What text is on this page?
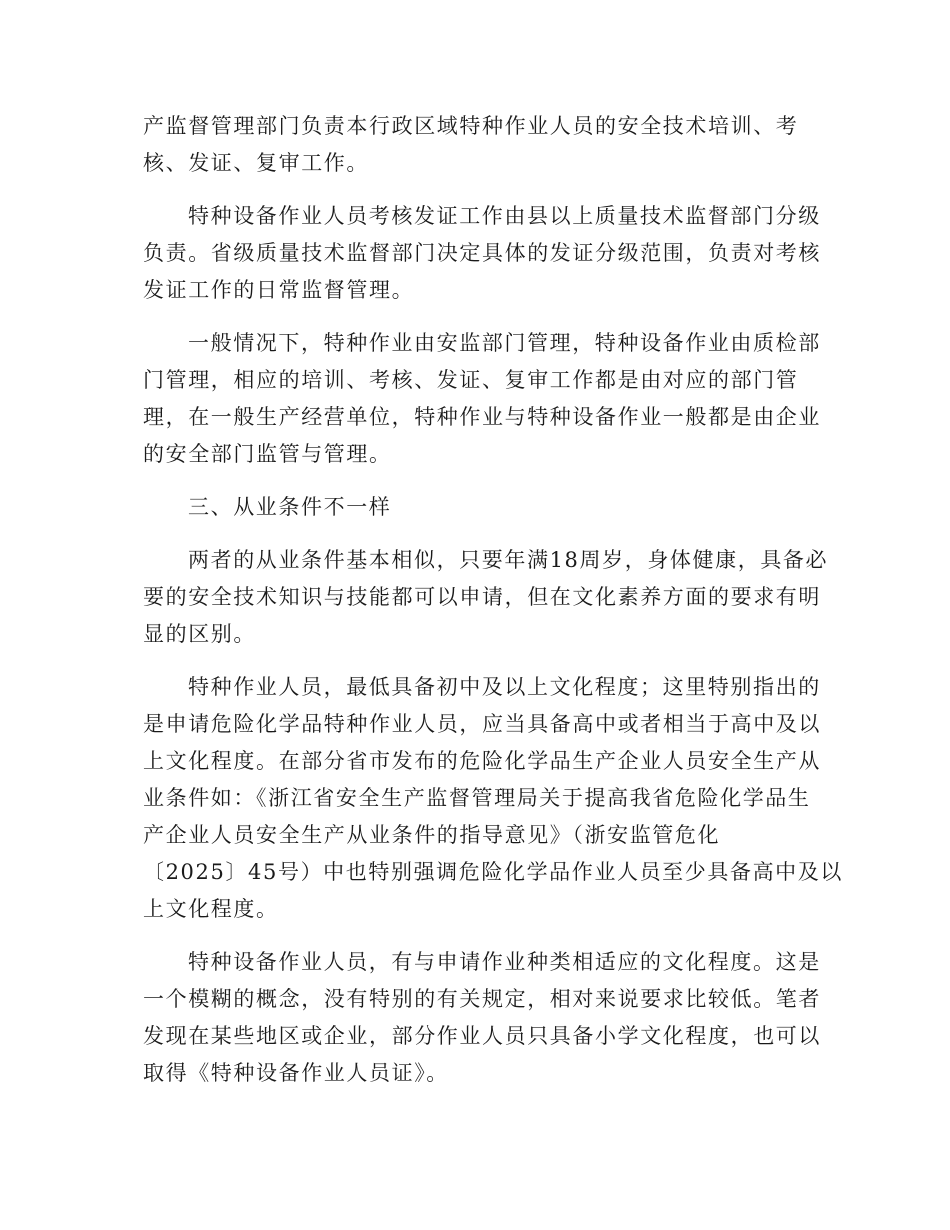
产监督管理部门负责本行政区域特种作业人员的安全技术培训、考

核、发证、复审工作。

特种设备作业人员考核发证工作由县以上质量技术监督部门分级

负责。省级质量技术监督部门决定具体的发证分级范围，负责对考核

发证工作的日常监督管理。

一般情况下，特种作业由安监部门管理，特种设备作业由质检部

门管理，相应的培训、考核、发证、复审工作都是由对应的部门管

理，在一般生产经营单位，特种作业与特种设备作业一般都是由企业

的安全部门监管与管理。

三、从业条件不一样

两者的从业条件基本相似，只要年满18周岁，身体健康，具备必

要的安全技术知识与技能都可以申请，但在文化素养方面的要求有明

显的区别。

特种作业人员，最低具备初中及以上文化程度；这里特别指出的

是申请危险化学品特种作业人员，应当具备高中或者相当于高中及以

上文化程度。在部分省市发布的危险化学品生产企业人员安全生产从

业条件如：《浙江省安全生产监督管理局关于提高我省危险化学品生

产企业人员安全生产从业条件的指导意见》（浙安监管危化

〔2025〕45号）中也特别强调危险化学品作业人员至少具备高中及以

上文化程度。

特种设备作业人员，有与申请作业种类相适应的文化程度。这是

一个模糊的概念，没有特别的有关规定，相对来说要求比较低。笔者

发现在某些地区或企业，部分作业人员只具备小学文化程度，也可以

取得《特种设备作业人员证》。
